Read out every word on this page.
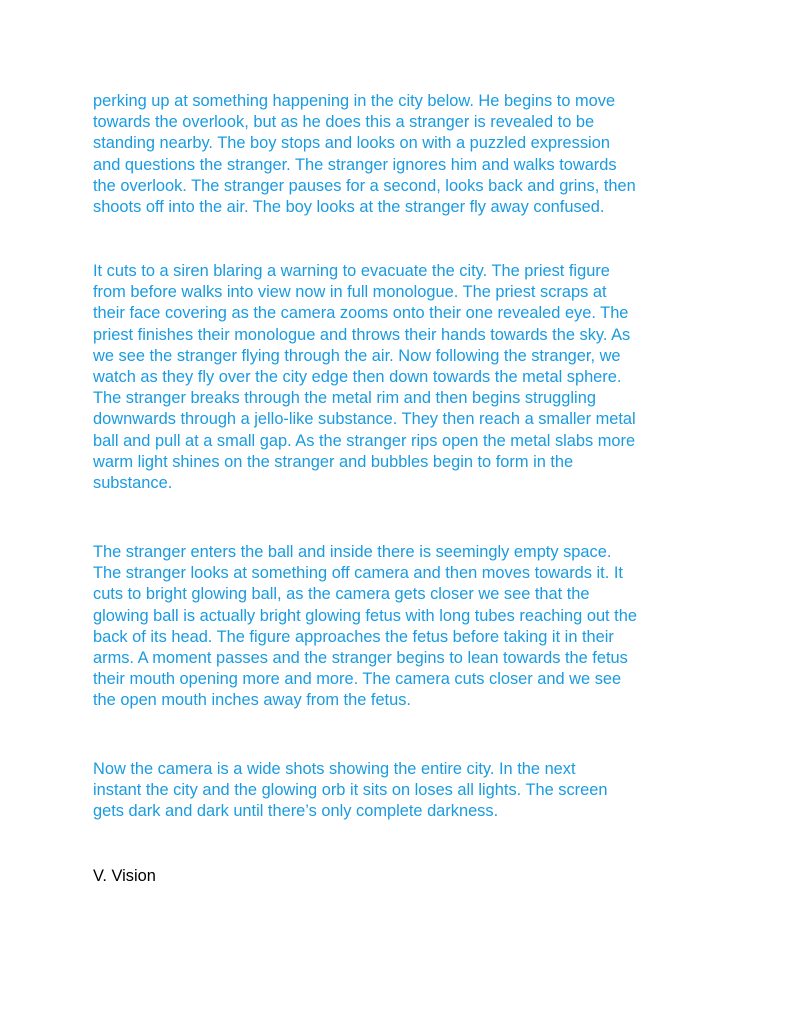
perking up at something happening in the city below. He begins to move
towards the overlook, but as he does this a stranger is revealed to be
standing nearby. The boy stops and looks on with a puzzled expression
and questions the stranger. The stranger ignores him and walks towards
the overlook. The stranger pauses for a second, looks back and grins, then
shoots off into the air. The boy looks at the stranger fly away confused.

It cuts to a siren blaring a warning to evacuate the city. The priest figure
from before walks into view now in full monologue. The priest scraps at
their face covering as the camera zooms onto their one revealed eye. The
priest finishes their monologue and throws their hands towards the sky. As
we see the stranger flying through the air. Now following the stranger, we
watch as they fly over the city edge then down towards the metal sphere.
The stranger breaks through the metal rim and then begins struggling
downwards through a jello-like substance. They then reach a smaller metal
ball and pull at a small gap. As the stranger rips open the metal slabs more
warm light shines on the stranger and bubbles begin to form in the
substance.

The stranger enters the ball and inside there is seemingly empty space.
The stranger looks at something off camera and then moves towards it. It
cuts to bright glowing ball, as the camera gets closer we see that the
glowing ball is actually bright glowing fetus with long tubes reaching out the
back of its head. The figure approaches the fetus before taking it in their
arms. A moment passes and the stranger begins to lean towards the fetus
their mouth opening more and more. The camera cuts closer and we see
the open mouth inches away from the fetus.

Now the camera is a wide shots showing the entire city. In the next
instant the city and the glowing orb it sits on loses all lights. The screen
gets dark and dark until there’s only complete darkness.

V. Vision
